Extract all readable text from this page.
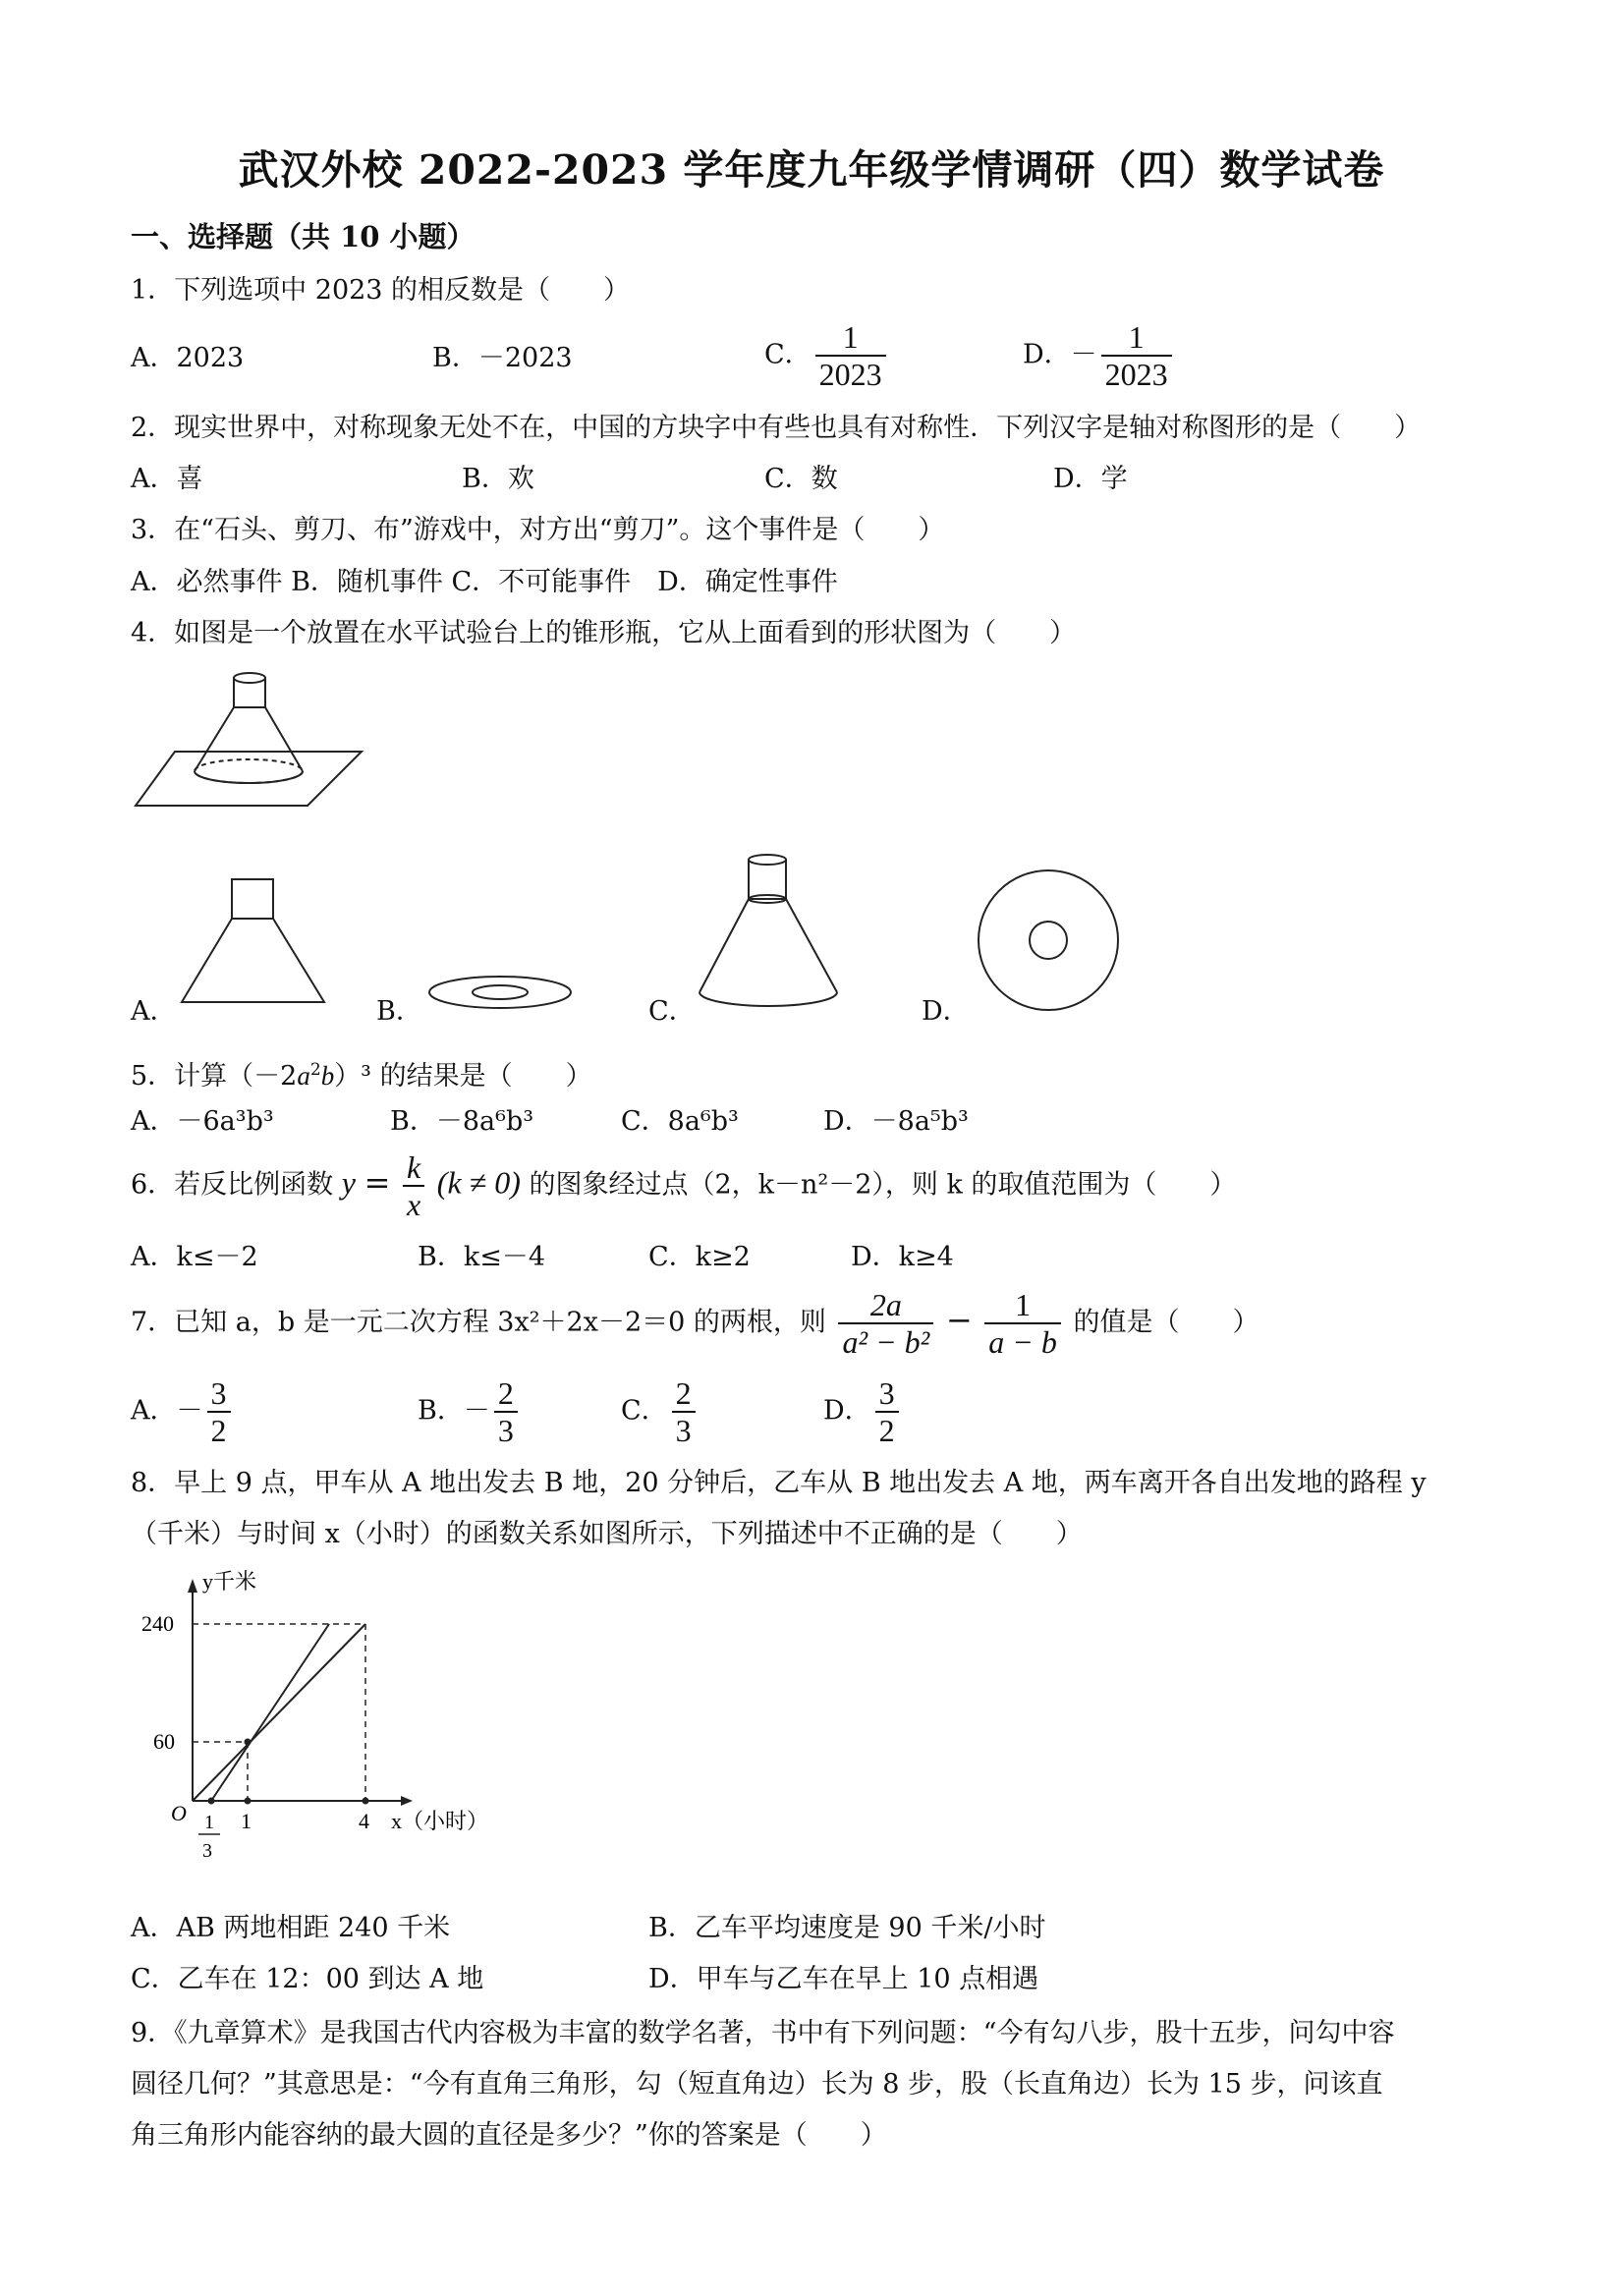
武汉外校 2022-2023 学年度九年级学情调研（四）数学试卷
一、选择题（共 10 小题）
1．下列选项中 2023 的相反数是（　　）
A．2023	B．－2023	C． $\frac{1}{2023}$	D．－ $\frac{1}{2023}$
2．现实世界中，对称现象无处不在，中国的方块字中有些也具有对称性．下列汉字是轴对称图形的是（　　）
A．喜	B．欢	C．数	D．学
3．在“石头、剪刀、布”游戏中，对方出“剪刀”。这个事件是（　　）
A．必然事件 B．随机事件 C．不可能事件　D．确定性事件
4．如图是一个放置在水平试验台上的锥形瓶，它从上面看到的形状图为（　　）
A．	B．	C．	D．
5．计算$(-2a^2b)^3$ 的结果是（　　）
A．－6a³b³	B．－8a⁶b³	C．8a⁶b³	D．－8a⁵b³
6．若反比例函数 $y = \frac{k}{x} (k \ne 0)$ 的图象经过点（2，k－n²－2），则 k 的取值范围为（　　）
A．k≤－2	B．k≤－4	C．k≥2	D．k≥4
7．已知 a，b 是一元二次方程 3x²＋2x－2＝0 的两根，则 $\frac{2a}{\text{a² − b²}} - \frac{1}{a - b}$ 的值是（　　）
A．－ $\frac{3}{2}$	B．－ $\frac{2}{3}$	C． $\frac{2}{3}$	D． $\frac{3}{2}$
8．早上 9 点，甲车从 A 地出发去 B 地，20 分钟后，乙车从 B 地出发去 A 地，两车离开各自出发地的路程 y
（千米）与时间 x（小时）的函数关系如图所示，下列描述中不正确的是（　　）
y千米
240
60
O 1
3
1	4 x（小时）
A．AB 两地相距 240 千米	B．乙车平均速度是 90 千米/小时
C．乙车在 12：00 到达 A 地	D．甲车与乙车在早上 10 点相遇
9．《九章算术》是我国古代内容极为丰富的数学名著，书中有下列问题：“今有勾八步，股十五步，问勾中容
圆径几何？”其意思是：“今有直角三角形，勾（短直角边）长为 8 步，股（长直角边）长为 15 步，问该直
角三角形内能容纳的最大圆的直径是多少？”你的答案是（　　）
